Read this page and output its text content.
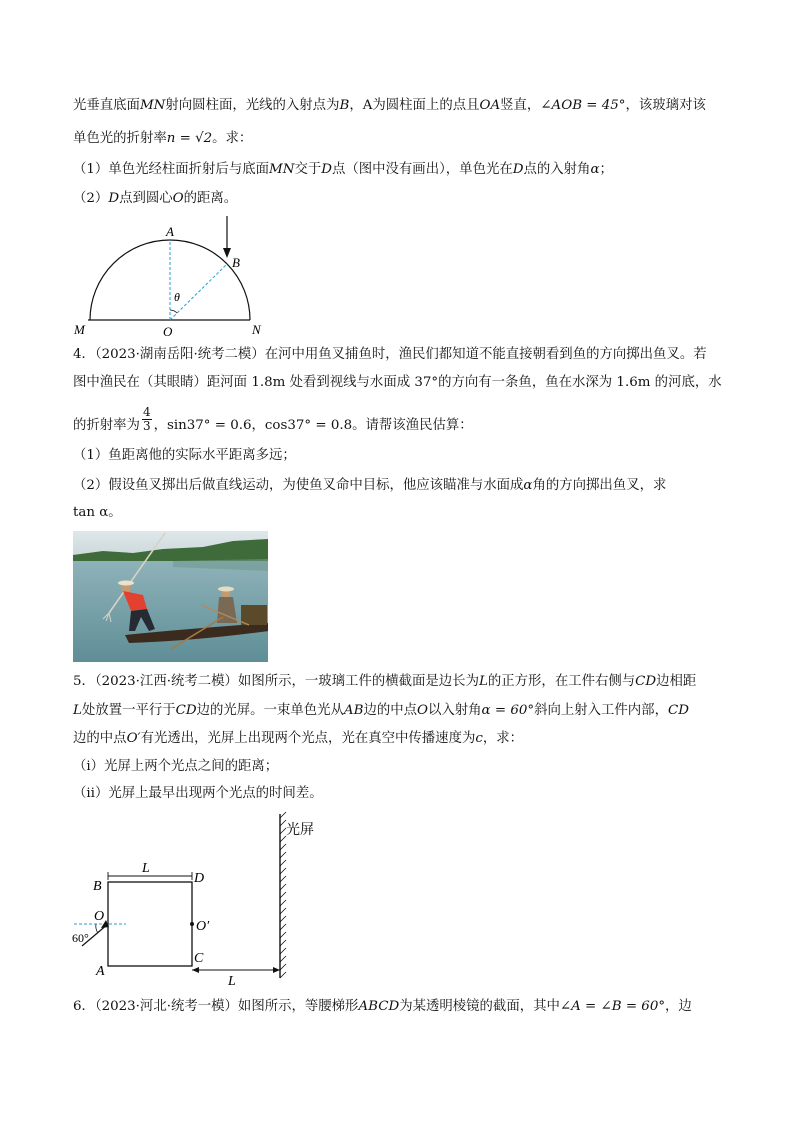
光垂直底面MN射向圆柱面，光线的入射点为B，A为圆柱面上的点且OA竖直，∠AOB = 45°，该玻璃对该
单色光的折射率n = √2。求：
（1）单色光经柱面折射后与底面MN交于D点（图中没有画出），单色光在D点的入射角α；
（2）D点到圆心O的距离。
A
B
θ
M	O	N
4．（2023·湖南岳阳·统考二模）在河中用鱼叉捕鱼时，渔民们都知道不能直接朝看到鱼的方向掷出鱼叉。若
图中渔民在（其眼睛）距河面 1.8m 处看到视线与水面成 37°的方向有一条鱼，鱼在水深为 1.6m 的河底，水
的折射率为 $\frac{4}{3}$ ，sin37° = 0.6，cos37° = 0.8。请帮该渔民估算：
（1）鱼距离他的实际水平距离多远；
（2）假设鱼叉掷出后做直线运动，为使鱼叉命中目标，他应该瞄准与水面成α角的方向掷出鱼叉，求
tan α。
5．（2023·江西·统考二模）如图所示，一玻璃工件的横截面是边长为L的正方形，在工件右侧与CD边相距
L处放置一平行于CD边的光屏。一束单色光从AB边的中点O以入射角α = 60°斜向上射入工件内部，CD
边的中点O′有光透出，光屏上出现两个光点，光在真空中传播速度为c，求：
（ⅰ）光屏上两个光点之间的距离；
（ⅱ）光屏上最早出现两个光点的时间差。
光屏
L
B
D
O
O′
60°
A
C
L
6．（2023·河北·统考一模）如图所示，等腰梯形ABCD为某透明棱镜的截面，其中∠A = ∠B = 60°，边
